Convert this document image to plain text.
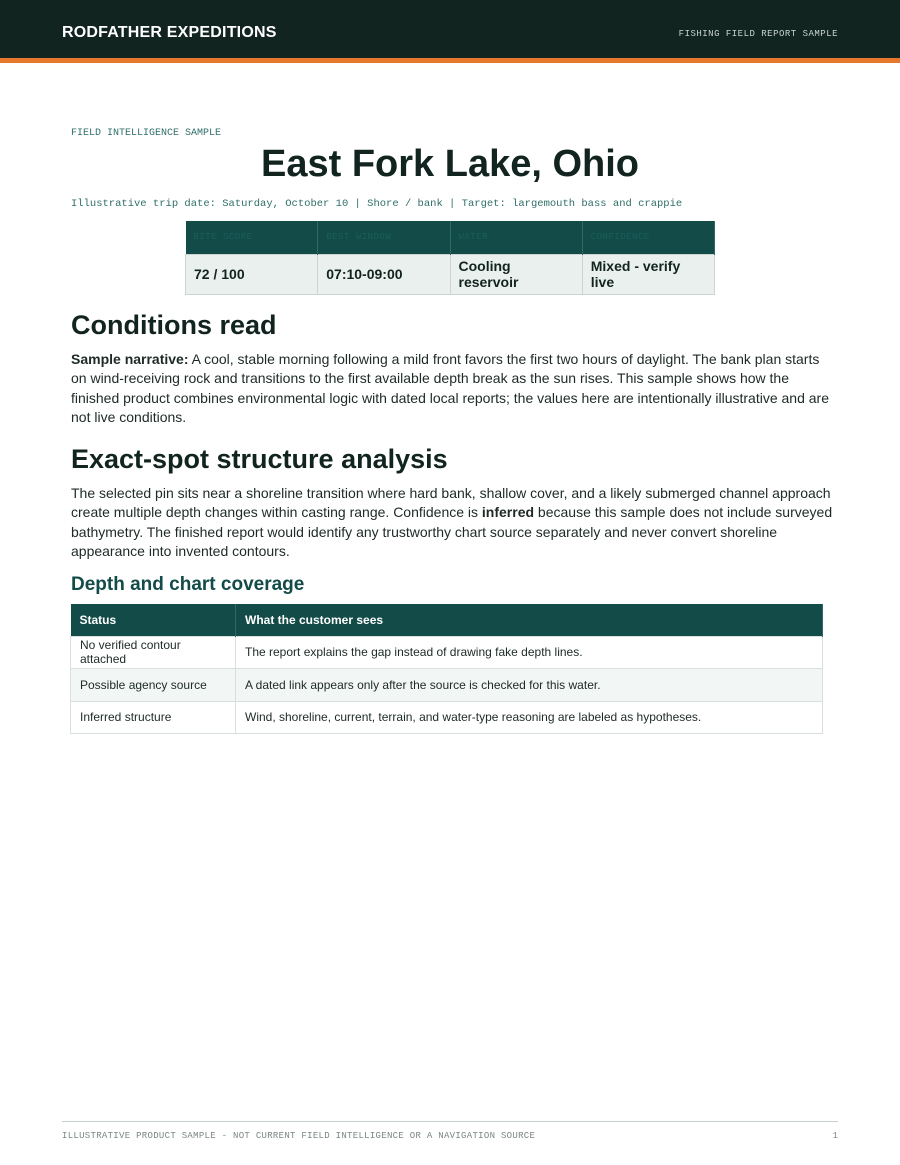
RODFATHER EXPEDITIONS	FISHING FIELD REPORT SAMPLE
FIELD INTELLIGENCE SAMPLE
East Fork Lake, Ohio
Illustrative trip date: Saturday, October 10 | Shore / bank | Target: largemouth bass and crappie
BITE SCORE	BEST WINDOW	WATER	CONFIDENCE
72 / 100	07:10-09:00	Cooling reservoir	Mixed - verify live
Conditions read

Sample narrative: A cool, stable morning following a mild front favors the first two hours of daylight. The bank plan starts on wind-receiving rock and transitions to the first available depth break as the sun rises. This sample shows how the finished product combines environmental logic with dated local reports; the values here are intentionally illustrative and are not live conditions.

Exact-spot structure analysis

The selected pin sits near a shoreline transition where hard bank, shallow cover, and a likely submerged channel approach create multiple depth changes within casting range. Confidence is inferred because this sample does not include surveyed bathymetry. The finished report would identify any trustworthy chart source separately and never convert shoreline appearance into invented contours.

Depth and chart coverage
Status	What the customer sees
No verified contour attached	The report explains the gap instead of drawing fake depth lines.
Possible agency source	A dated link appears only after the source is checked for this water.
Inferred structure	Wind, shoreline, current, terrain, and water-type reasoning are labeled as hypotheses.
ILLUSTRATIVE PRODUCT SAMPLE - NOT CURRENT FIELD INTELLIGENCE OR A NAVIGATION SOURCE	1
